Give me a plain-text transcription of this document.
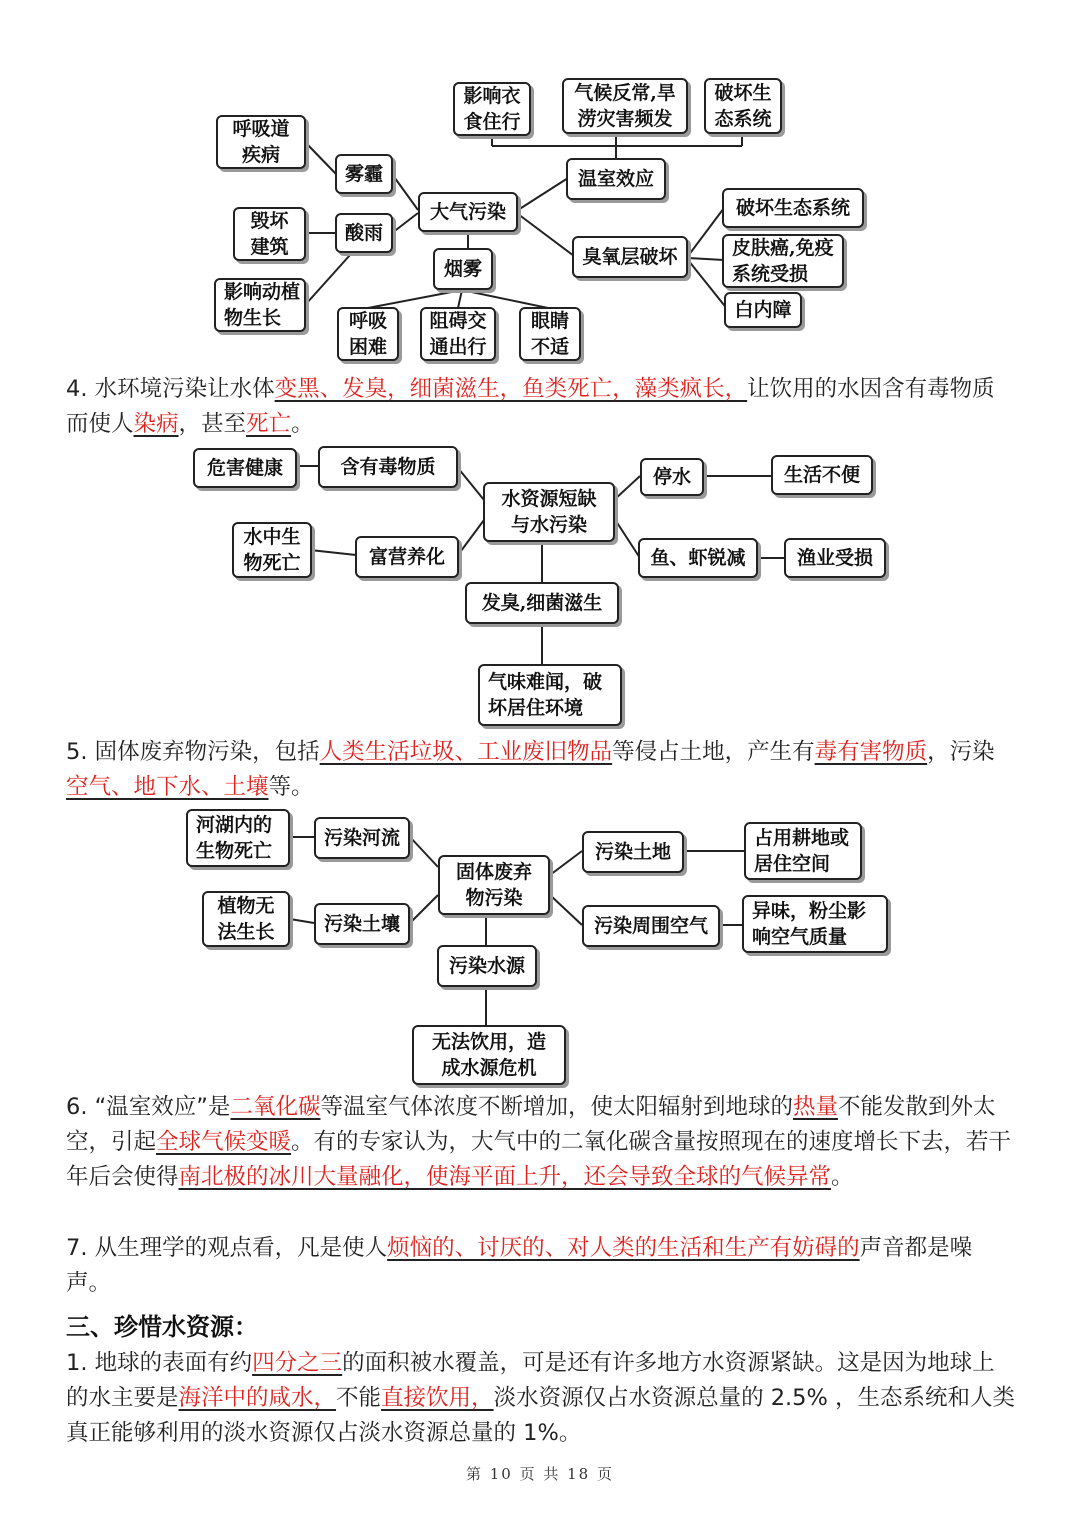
呼吸道
疾病
雾霾
毁坏
建筑
酸雨
影响动植
物生长
大气污染
烟雾
呼吸
困难
阻碍交
通出行
眼睛
不适
影响衣
食住行
气候反常,旱
涝灾害频发
破坏生
态系统
温室效应
臭氧层破坏
破坏生态系统
皮肤癌,免疫
系统受损
白内障
4. 水环境污染让水体变黑、发臭，细菌滋生，鱼类死亡，藻类疯长，让饮用的水因含有毒物质而使人染病，甚至死亡。
危害健康	含有毒物质
水资源短缺
与水污染
停水	生活不便
水中生
物死亡	富营养化	鱼、虾锐减	渔业受损
发臭,细菌滋生
气味难闻，破
坏居住环境
5. 固体废弃物污染，包括人类生活垃圾、工业废旧物品等侵占土地，产生有毒有害物质，污染空气、地下水、土壤等。
河湖内的
生物死亡
污染河流
植物无
法生长	污染土壤
固体废弃
物污染
污染土地
占用耕地或
居住空间
污染周围空气
异味，粉尘影
响空气质量
污染水源
无法饮用，造
成水源危机
6. “温室效应”是二氧化碳等温室气体浓度不断增加，使太阳辐射到地球的热量不能发散到外太空，引起全球气候变暖。有的专家认为，大气中的二氧化碳含量按照现在的速度增长下去，若干年后会使得南北极的冰川大量融化，使海平面上升，还会导致全球的气候异常。
7. 从生理学的观点看，凡是使人烦恼的、讨厌的、对人类的生活和生产有妨碍的声音都是噪声。
三、珍惜水资源：
1. 地球的表面有约四分之三的面积被水覆盖，可是还有许多地方水资源紧缺。这是因为地球上的水主要是海洋中的咸水，不能直接饮用，淡水资源仅占水资源总量的 2.5% ，生态系统和人类真正能够利用的淡水资源仅占淡水资源总量的 1%。
第 10 页 共 18 页
